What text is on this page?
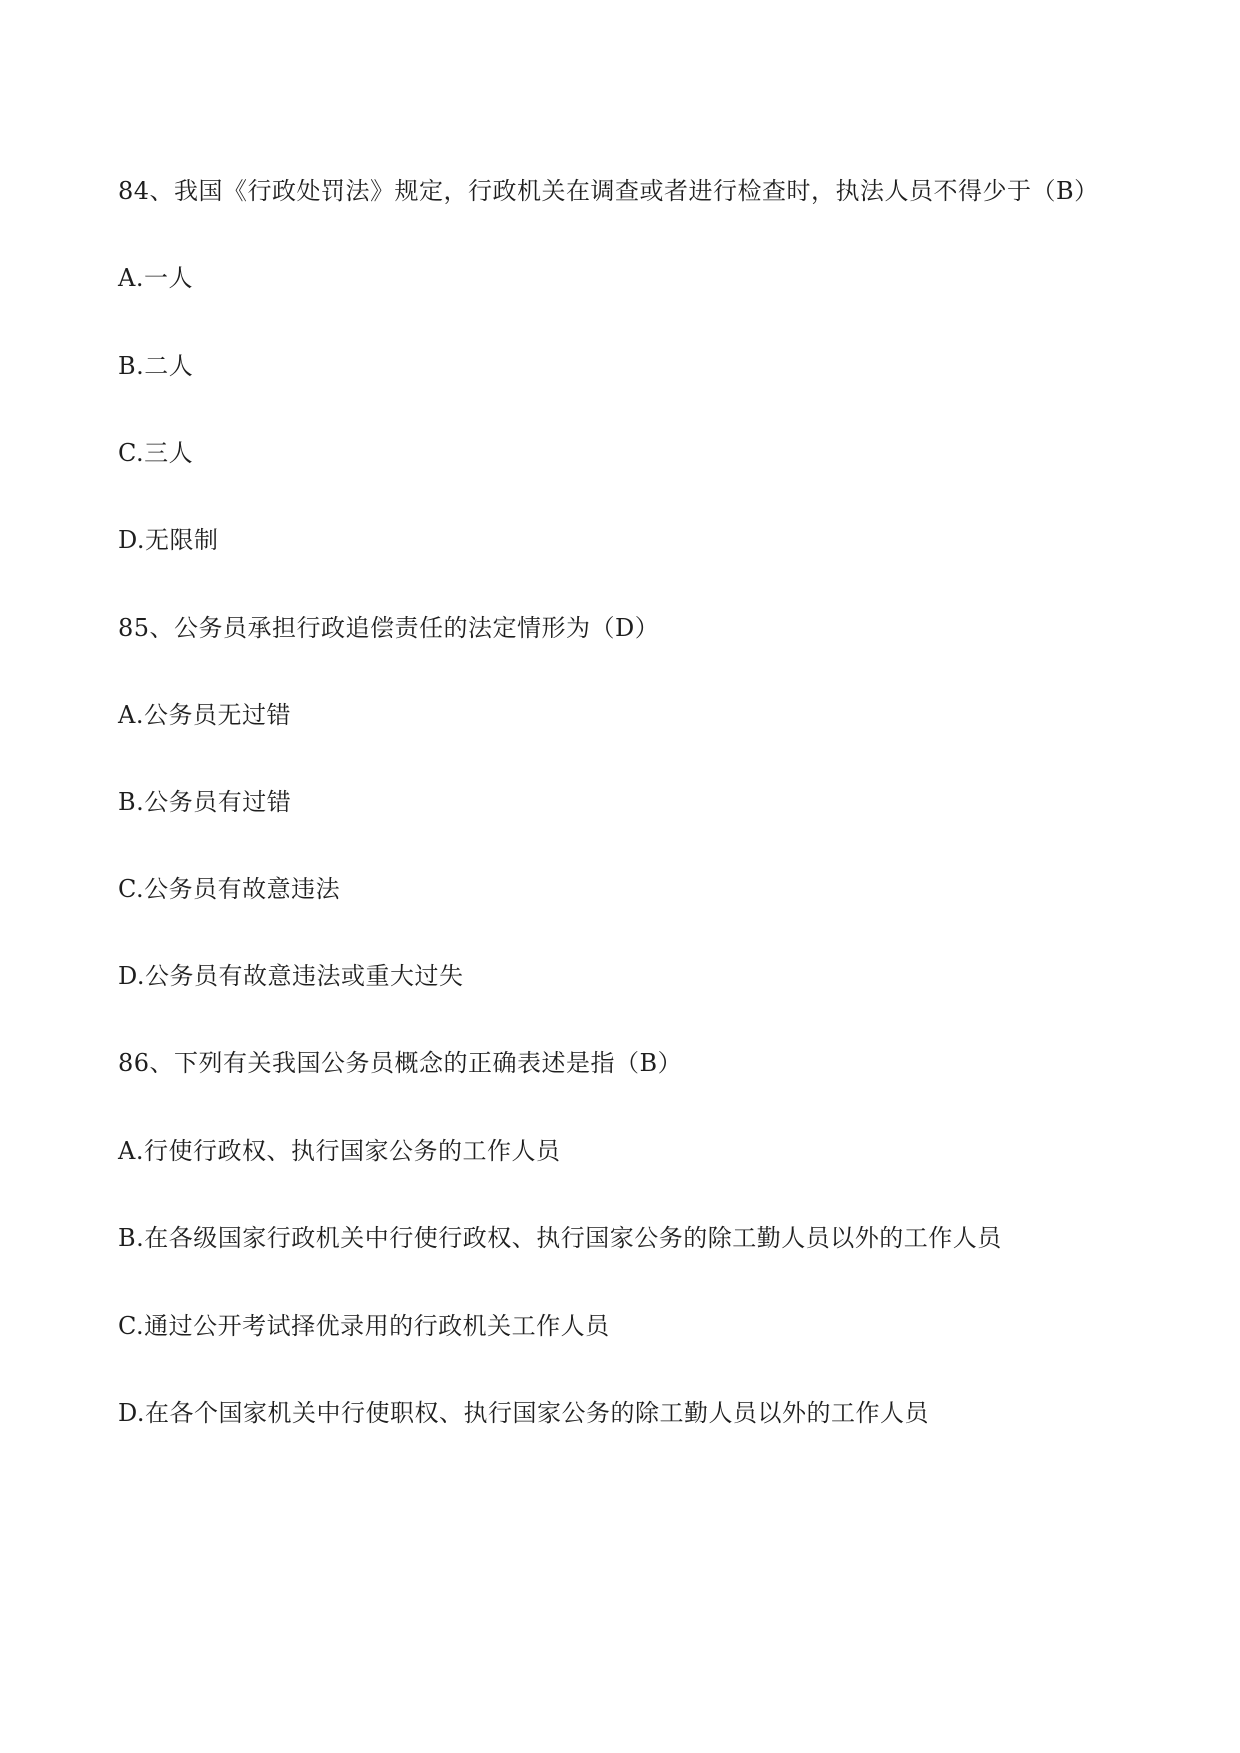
84、我国《行政处罚法》规定，行政机关在调查或者进行检查时，执法人员不得少于（B）
A.一人
B.二人
C.三人
D.无限制
85、公务员承担行政追偿责任的法定情形为（D）
A.公务员无过错
B.公务员有过错
C.公务员有故意违法
D.公务员有故意违法或重大过失
86、下列有关我国公务员概念的正确表述是指（B）
A.行使行政权、执行国家公务的工作人员
B.在各级国家行政机关中行使行政权、执行国家公务的除工勤人员以外的工作人员
C.通过公开考试择优录用的行政机关工作人员
D.在各个国家机关中行使职权、执行国家公务的除工勤人员以外的工作人员
